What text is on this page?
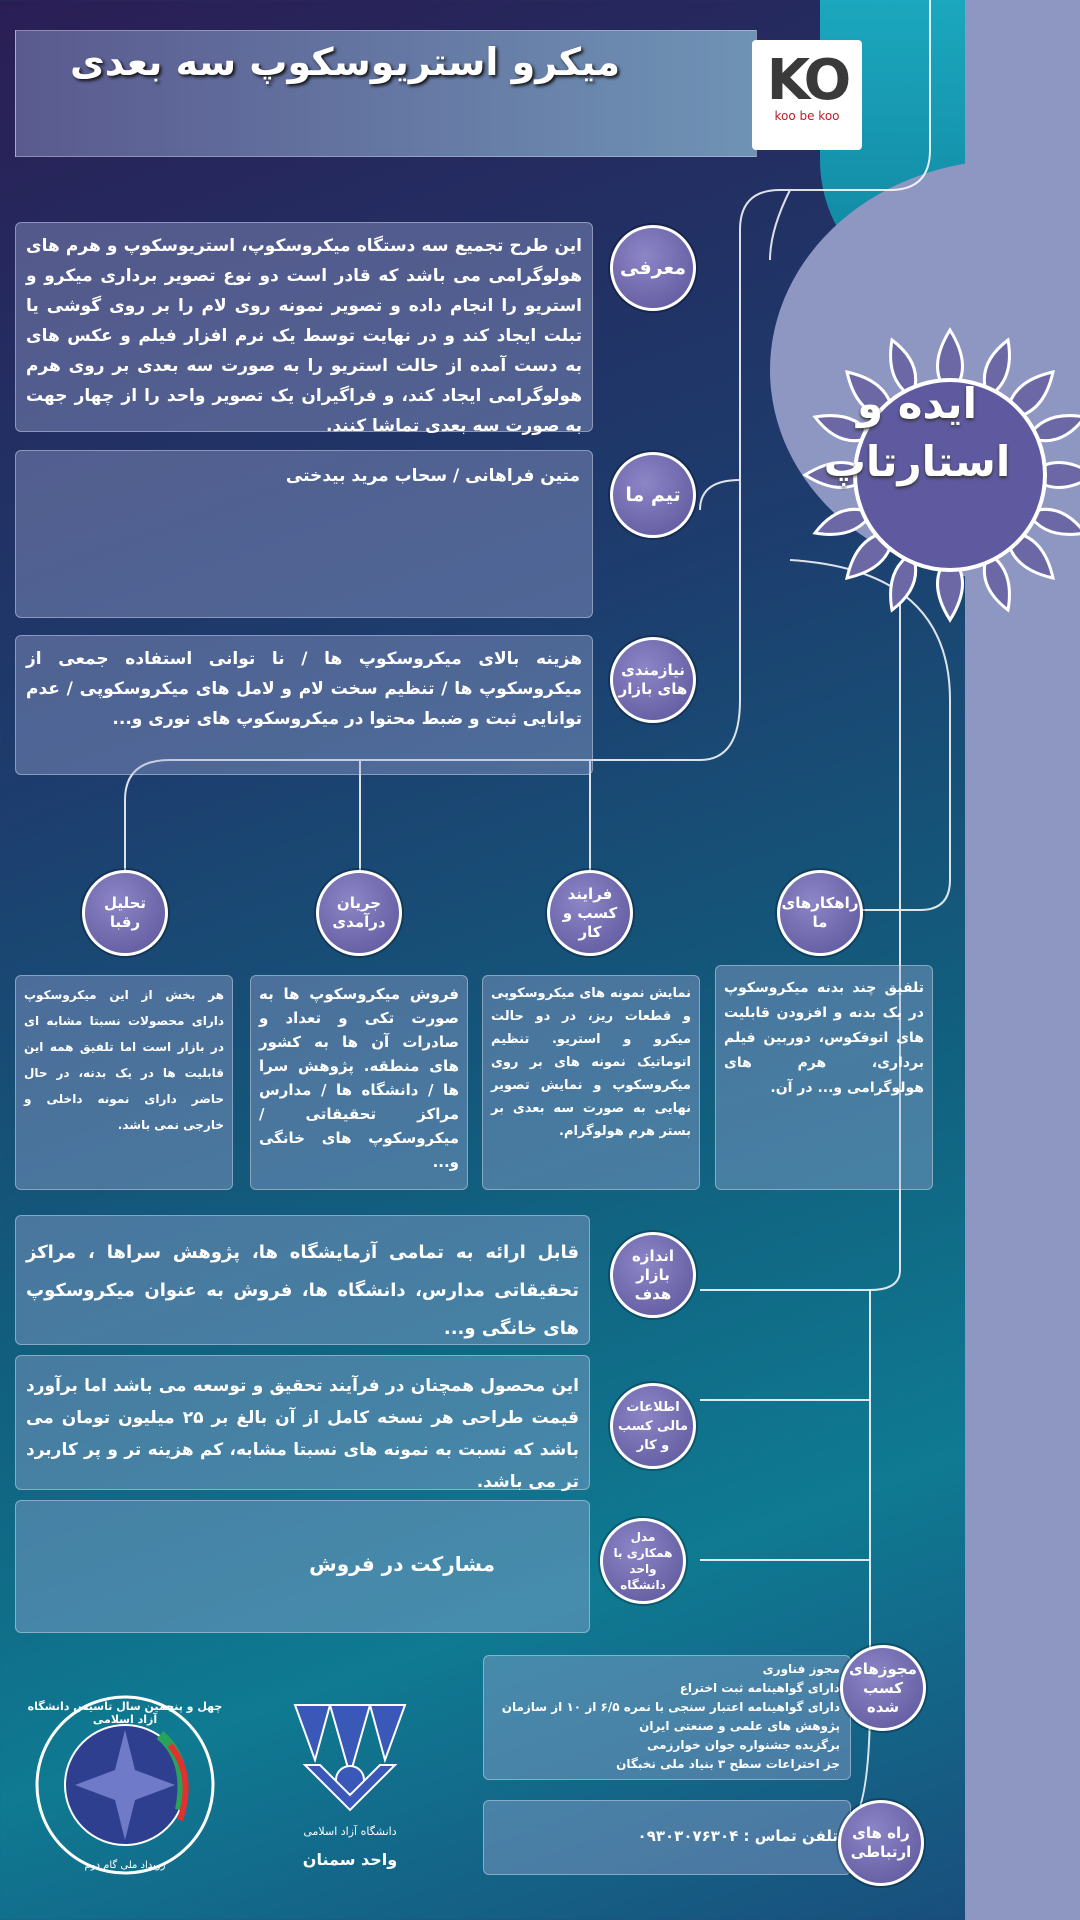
میکرو استریوسکوپ سه بعدی	KO
koo be koo
ایده و
استارتاپ
این طرح تجمیع سه دستگاه میکروسکوپ، استریوسکوپ و هرم های هولوگرامی می باشد که قادر است دو نوع تصویر برداری میکرو و استریو را انجام داده و تصویر نمونه روی لام را بر روی گوشی یا تبلت ایجاد کند و در نهایت توسط یک نرم افزار فیلم و عکس های به دست آمده از حالت استریو را به صورت سه بعدی بر روی هرم هولوگرامی ایجاد کند، و فراگیران یک تصویر واحد را از چهار جهت به صورت سه بعدی تماشا کنند.
معرفی
متین فراهانی / سحاب مرید بیدختی
تیم ما
هزینه بالای میکروسکوپ ها / نا توانی استفاده جمعی از میکروسکوپ ها / تنظیم سخت لام و لامل های میکروسکوپی / عدم توانایی ثبت و ضبط محتوا در میکروسکوپ های نوری و...
نیازمندی های بازار
تحلیل رقبا
جریان درآمدی
فرایند کسب و کار
راهکارهای ما
هر بخش از این میکروسکوپ دارای محصولات نسبتا مشابه ای در بازار است اما تلفیق همه این قابلیت ها در یک بدنه، در حال حاضر دارای نمونه داخلی و خارجی نمی باشد.
فروش میکروسکوپ ها به صورت تکی و تعداد و صادرات آن ها به کشور های منطقه. پژوهش سرا ها / دانشگاه ها / مدارس مراکز تحقیقاتی / میکروسکوپ های خانگی و...
نمایش نمونه های میکروسکوپی و قطعات ریز، در دو حالت میکرو و استریو. تنظیم اتوماتیک نمونه های بر روی میکروسکوپ و نمایش تصویر نهایی به صورت سه بعدی بر بستر هرم هولوگرام.
تلفیق چند بدنه میکروسکوپ در یک بدنه و افزودن قابلیت های اتوفکوس، دوربین فیلم برداری، هرم های هولوگرامی و... در آن.
قابل ارائه به تمامی آزمایشگاه ها، پژوهش سراها ، مراکز تحقیقاتی مدارس، دانشگاه ها، فروش به عنوان میکروسکوپ های خانگی و...
اندازه بازار هدف
این محصول همچنان در فرآیند تحقیق و توسعه می باشد اما برآورد قیمت طراحی هر نسخه کامل از آن بالغ بر ۲۵ میلیون تومان می باشد که نسبت به نمونه های نسبتا مشابه، کم هزینه تر و پر کاربرد تر می باشد.
اطلاعات مالی کسب و کار
مشارکت در فروش
مدل همکاری با واحد دانشگاه
مجوز فناوری
دارای گواهینامه ثبت اختراع
دارای گواهینامه اعتبار سنجی با نمره ۶/۵ از ۱۰ از سازمان
پژوهش های علمی و صنعتی ایران
برگزیده جشنواره جوان خوارزمی
جز اختراعات سطح ۳ بنیاد ملی نخبگان
مجوزهای کسب شده
تلفن تماس : ۰۹۳۰۳۰۷۶۳۰۴ راه های ارتباطی
دانشگاه آزاد اسلامی
واحد سمنان
چهل و پنجمین سال تاسیس دانشگاه آزاد اسلامی
رویداد ملی گام دوم
